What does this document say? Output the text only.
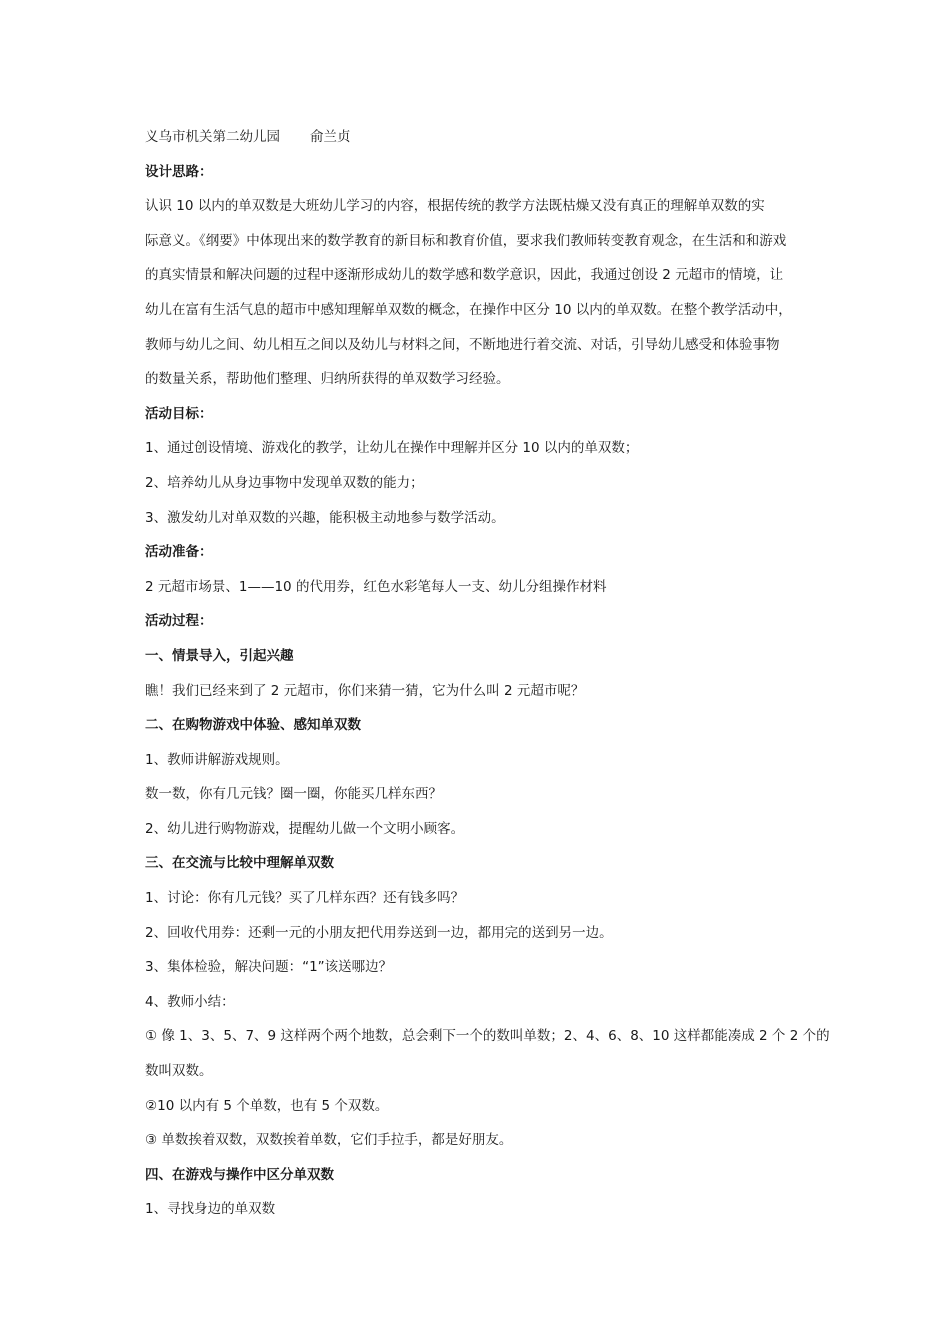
义乌市机关第二幼儿园 俞兰贞
设计思路：
认识 10 以内的单双数是大班幼儿学习的内容，根据传统的教学方法既枯燥又没有真正的理解单双数的实
际意义。《纲要》中体现出来的数学教育的新目标和教育价值，要求我们教师转变教育观念，在生活和和游戏
的真实情景和解决问题的过程中逐渐形成幼儿的数学感和数学意识，因此，我通过创设 2 元超市的情境，让
幼儿在富有生活气息的超市中感知理解单双数的概念，在操作中区分 10 以内的单双数。在整个教学活动中，
教师与幼儿之间、幼儿相互之间以及幼儿与材料之间，不断地进行着交流、对话，引导幼儿感受和体验事物
的数量关系，帮助他们整理、归纳所获得的单双数学习经验。
活动目标：
1、通过创设情境、游戏化的教学，让幼儿在操作中理解并区分 10 以内的单双数；
2、培养幼儿从身边事物中发现单双数的能力；
3、激发幼儿对单双数的兴趣，能积极主动地参与数学活动。
活动准备：
2 元超市场景、1——10 的代用券，红色水彩笔每人一支、幼儿分组操作材料
活动过程：
一、情景导入，引起兴趣
瞧！我们已经来到了 2 元超市，你们来猜一猜，它为什么叫 2 元超市呢？
二、在购物游戏中体验、感知单双数
1、教师讲解游戏规则。
数一数，你有几元钱？圈一圈，你能买几样东西？
2、幼儿进行购物游戏，提醒幼儿做一个文明小顾客。
三、在交流与比较中理解单双数
1、讨论：你有几元钱？买了几样东西？还有钱多吗？
2、回收代用券：还剩一元的小朋友把代用券送到一边，都用完的送到另一边。
3、集体检验，解决问题：“1”该送哪边？
4、教师小结：
① 像 1、3、5、7、9 这样两个两个地数，总会剩下一个的数叫单数；2、4、6、8、10 这样都能凑成 2 个 2 个的
数叫双数。
②10 以内有 5 个单数，也有 5 个双数。
③ 单数挨着双数，双数挨着单数，它们手拉手，都是好朋友。
四、在游戏与操作中区分单双数
1、寻找身边的单双数
